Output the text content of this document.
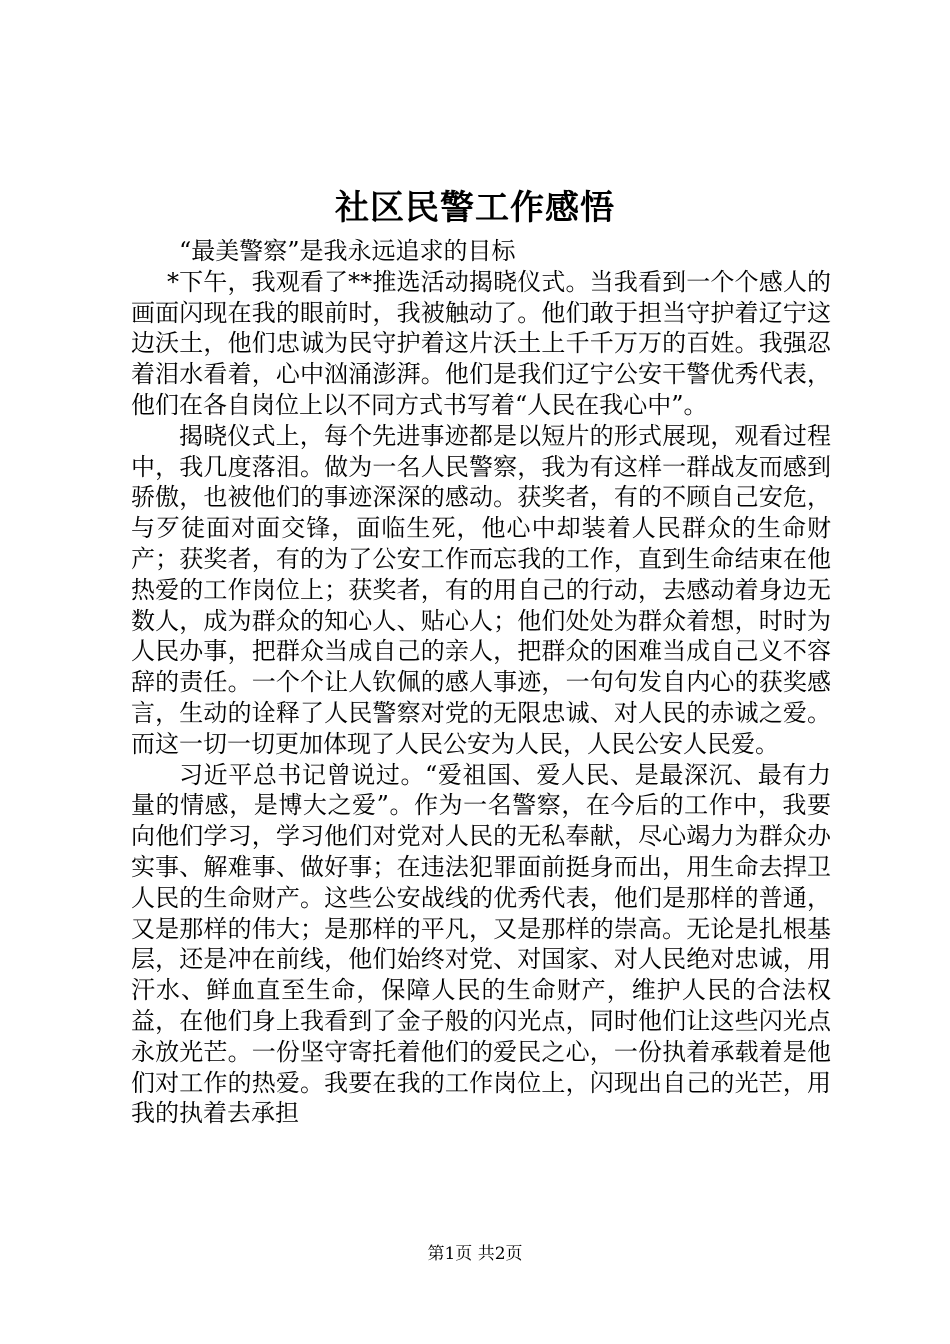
社区民警工作感悟

“最美警察”是我永远追求的目标

*下午，我观看了**推选活动揭晓仪式。当我看到一个个感人的画面闪现在我的眼前时，我被触动了。他们敢于担当守护着辽宁这边沃土，他们忠诚为民守护着这片沃土上千千万万的百姓。我强忍着泪水看着，心中汹涌澎湃。他们是我们辽宁公安干警优秀代表，他们在各自岗位上以不同方式书写着“人民在我心中”。

揭晓仪式上，每个先进事迹都是以短片的形式展现，观看过程中，我几度落泪。做为一名人民警察，我为有这样一群战友而感到骄傲，也被他们的事迹深深的感动。获奖者，有的不顾自己安危，与歹徒面对面交锋，面临生死，他心中却装着人民群众的生命财产；获奖者，有的为了公安工作而忘我的工作，直到生命结束在他热爱的工作岗位上；获奖者，有的用自己的行动，去感动着身边无数人，成为群众的知心人、贴心人；他们处处为群众着想，时时为人民办事，把群众当成自己的亲人，把群众的困难当成自己义不容辞的责任。一个个让人钦佩的感人事迹，一句句发自内心的获奖感言，生动的诠释了人民警察对党的无限忠诚、对人民的赤诚之爱。而这一切一切更加体现了人民公安为人民，人民公安人民爱。

习近平总书记曾说过。“爱祖国、爱人民、是最深沉、最有力量的情感，是博大之爱”。作为一名警察，在今后的工作中，我要向他们学习，学习他们对党对人民的无私奉献，尽心竭力为群众办实事、解难事、做好事；在违法犯罪面前挺身而出，用生命去捍卫人民的生命财产。这些公安战线的优秀代表，他们是那样的普通，又是那样的伟大；是那样的平凡，又是那样的崇高。无论是扎根基层，还是冲在前线，他们始终对党、对国家、对人民绝对忠诚，用汗水、鲜血直至生命，保障人民的生命财产，维护人民的合法权益，在他们身上我看到了金子般的闪光点，同时他们让这些闪光点永放光芒。一份坚守寄托着他们的爱民之心，一份执着承载着是他们对工作的热爱。我要在我的工作岗位上，闪现出自己的光芒，用我的执着去承担

第1页 共2页
